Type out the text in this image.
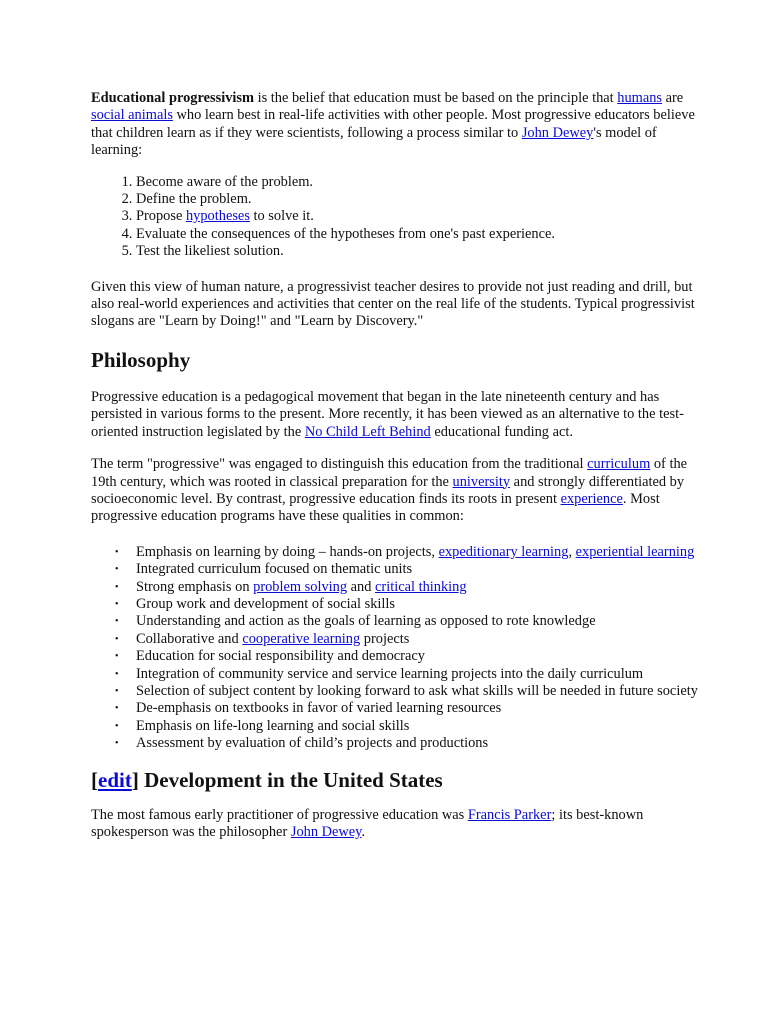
Educational progressivism is the belief that education must be based on the principle that humans are social animals who learn best in real-life activities with other people. Most progressive educators believe that children learn as if they were scientists, following a process similar to John Dewey's model of learning:

1. Become aware of the problem.
2. Define the problem.
3. Propose hypotheses to solve it.
4. Evaluate the consequences of the hypotheses from one's past experience.
5. Test the likeliest solution.

Given this view of human nature, a progressivist teacher desires to provide not just reading and drill, but also real-world experiences and activities that center on the real life of the students. Typical progressivist slogans are "Learn by Doing!" and "Learn by Discovery."

Philosophy

Progressive education is a pedagogical movement that began in the late nineteenth century and has persisted in various forms to the present. More recently, it has been viewed as an alternative to the test-oriented instruction legislated by the No Child Left Behind educational funding act.

The term "progressive" was engaged to distinguish this education from the traditional curriculum of the 19th century, which was rooted in classical preparation for the university and strongly differentiated by socioeconomic level. By contrast, progressive education finds its roots in present experience. Most progressive education programs have these qualities in common:

• Emphasis on learning by doing – hands-on projects, expeditionary learning, experiential learning
• Integrated curriculum focused on thematic units
• Strong emphasis on problem solving and critical thinking
• Group work and development of social skills
• Understanding and action as the goals of learning as opposed to rote knowledge
• Collaborative and cooperative learning projects
• Education for social responsibility and democracy
• Integration of community service and service learning projects into the daily curriculum
• Selection of subject content by looking forward to ask what skills will be needed in future society
• De-emphasis on textbooks in favor of varied learning resources
• Emphasis on life-long learning and social skills
• Assessment by evaluation of child’s projects and productions
[edit] Development in the United States

The most famous early practitioner of progressive education was Francis Parker; its best-known spokesperson was the philosopher John Dewey.
